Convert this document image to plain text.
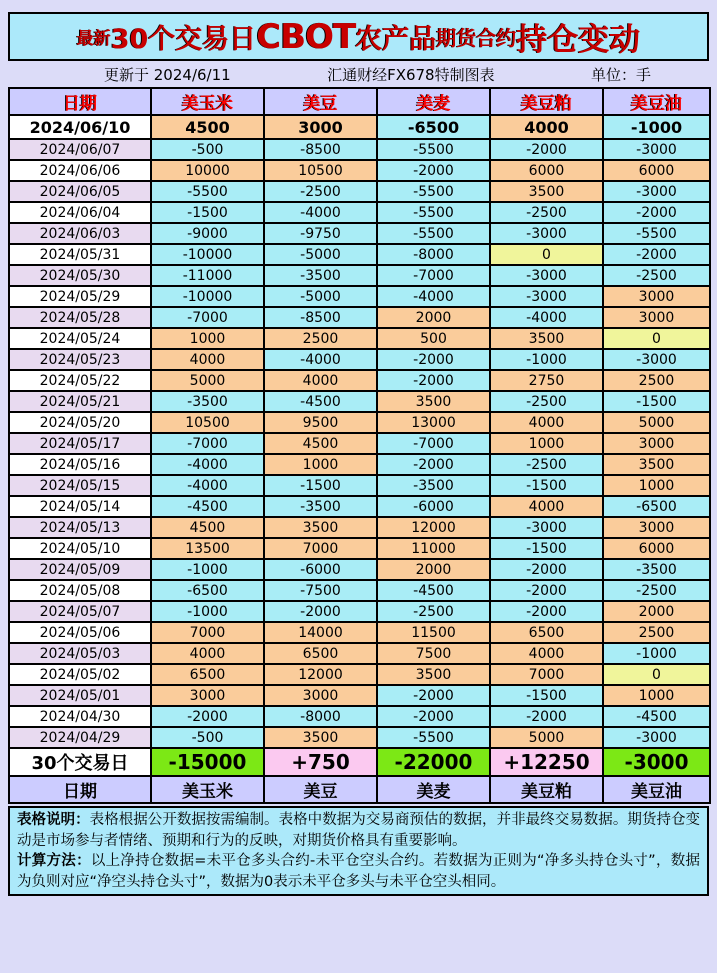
最新 30个交易日 CBOT 农产品 期货合约 持仓变动
更新于 2024/6/11	汇通财经FX678特制图表	单位：手
日期	美玉米	美豆	美麦	美豆粕	美豆油
2024/06/10	4500	3000	-6500	4000	-1000
2024/06/07	-500	-8500	-5500	-2000	-3000
2024/06/06	10000	10500	-2000	6000	6000
2024/06/05	-5500	-2500	-5500	3500	-3000
2024/06/04	-1500	-4000	-5500	-2500	-2000
2024/06/03	-9000	-9750	-5500	-3000	-5500
2024/05/31	-10000	-5000	-8000	0	-2000
2024/05/30	-11000	-3500	-7000	-3000	-2500
2024/05/29	-10000	-5000	-4000	-3000	3000
2024/05/28	-7000	-8500	2000	-4000	3000
2024/05/24	1000	2500	500	3500	0
2024/05/23	4000	-4000	-2000	-1000	-3000
2024/05/22	5000	4000	-2000	2750	2500
2024/05/21	-3500	-4500	3500	-2500	-1500
2024/05/20	10500	9500	13000	4000	5000
2024/05/17	-7000	4500	-7000	1000	3000
2024/05/16	-4000	1000	-2000	-2500	3500
2024/05/15	-4000	-1500	-3500	-1500	1000
2024/05/14	-4500	-3500	-6000	4000	-6500
2024/05/13	4500	3500	12000	-3000	3000
2024/05/10	13500	7000	11000	-1500	6000
2024/05/09	-1000	-6000	2000	-2000	-3500
2024/05/08	-6500	-7500	-4500	-2000	-2500
2024/05/07	-1000	-2000	-2500	-2000	2000
2024/05/06	7000	14000	11500	6500	2500
2024/05/03	4000	6500	7500	4000	-1000
2024/05/02	6500	12000	3500	7000	0
2024/05/01	3000	3000	-2000	-1500	1000
2024/04/30	-2000	-8000	-2000	-2000	-4500
2024/04/29	-500	3500	-5500	5000	-3000
30个交易日	-15000	+750	-22000	+12250	-3000
日期	美玉米	美豆	美麦	美豆粕	美豆油

表格说明：表格根据公开数据按需编制。表格中数据为交易商预估的数据，并非最终交易数据。期货持仓变动是市场参与者情绪、预期和行为的反映，对期货价格具有重要影响。

计算方法：以上净持仓数据=未平仓多头合约-未平仓空头合约。若数据为正则为“净多头持仓头寸”，数据为负则对应“净空头持仓头寸”，数据为0表示未平仓多头与未平仓空头相同。
